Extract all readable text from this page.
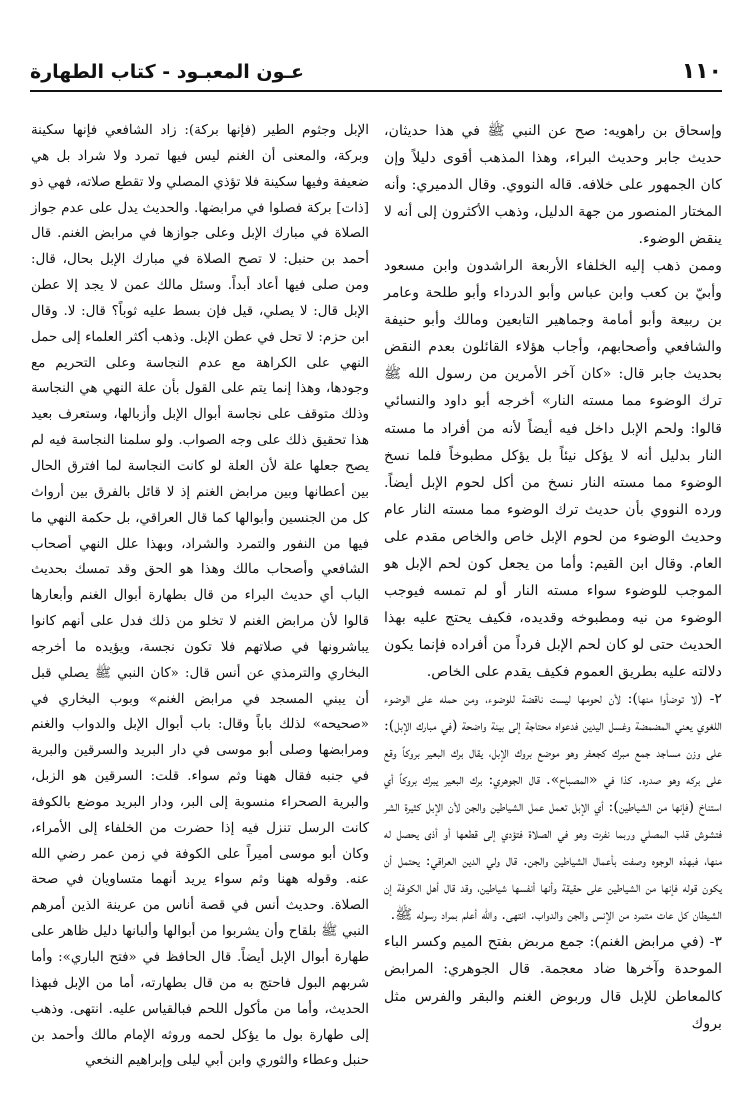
١١٠
عـون المعبـود - كتاب الطهارة

وإسحاق بن راهويه: صح عن النبي ﷺ في هذا حديثان، حديث جابر وحديث البراء، وهذا المذهب أقوى دليلاً وإن كان الجمهور على خلافه. قاله النووي. وقال الدميري: وأنه المختار المنصور من جهة الدليل، وذهب الأكثرون إلى أنه لا ينقض الوضوء.

وممن ذهب إليه الخلفاء الأربعة الراشدون وابن مسعود وأبيّ بن كعب وابن عباس وأبو الدرداء وأبو طلحة وعامر بن ربيعة وأبو أمامة وجماهير التابعين ومالك وأبو حنيفة والشافعي وأصحابهم، وأجاب هؤلاء القائلون بعدم النقض بحديث جابر قال: «كان آخر الأمرين من رسول الله ﷺ ترك الوضوء مما مسته النار» أخرجه أبو داود والنسائي قالوا: ولحم الإبل داخل فيه أيضاً لأنه من أفراد ما مسته النار بدليل أنه لا يؤكل نيئاً بل يؤكل مطبوخاً فلما نسخ الوضوء مما مسته النار نسخ من أكل لحوم الإبل أيضاً. ورده النووي بأن حديث ترك الوضوء مما مسته النار عام وحديث الوضوء من لحوم الإبل خاص والخاص مقدم على العام. وقال ابن القيم: وأما من يجعل كون لحم الإبل هو الموجب للوضوء سواء مسته النار أو لم تمسه فيوجب الوضوء من نيه ومطبوخه وقديده، فكيف يحتج عليه بهذا الحديث حتى لو كان لحم الإبل فرداً من أفراده فإنما يكون دلالته عليه بطريق العموم فكيف يقدم على الخاص.

٢- (لا توضأوا منها): لأن لحومها ليست ناقضة للوضوء، ومن حمله على الوضوء اللغوي يعني المضمضة وغسل اليدين فدعواه محتاجة إلى بينة واضحة (في مبارك الإبل): على وزن مساجد جمع مبرك كجعفر وهو موضع بروك الإبل، يقال برك البعير بروكاً وقع على بركه وهو صدره. كذا في «المصباح». قال الجوهري: برك البعير يبرك بروكاً أي استناخ (فإنها من الشياطين): أي الإبل تعمل عمل الشياطين والجن لأن الإبل كثيرة الشر فتشوش قلب المصلي وربما نفرت وهو في الصلاة فتؤدي إلى قطعها أو أذى يحصل له منها، فبهذه الوجوه وصفت بأعمال الشياطين والجن. قال ولي الدين العراقي: يحتمل أن يكون قوله فإنها من الشياطين على حقيقة وأنها أنفسها شياطين، وقد قال أهل الكوفة إن الشيطان كل عات متمرد من الإنس والجن والدواب. انتهى. والله أعلم بمراد رسوله ﷺ.

٣- (في مرابض الغنم): جمع مربض بفتح الميم وكسر الباء الموحدة وآخرها ضاد معجمة. قال الجوهري: المرابض كالمعاطن للإبل قال وربوض الغنم والبقر والفرس مثل بروك

الإبل وجثوم الطير (فإنها بركة): زاد الشافعي فإنها سكينة وبركة، والمعنى أن الغنم ليس فيها تمرد ولا شراد بل هي ضعيفة وفيها سكينة فلا تؤذي المصلي ولا تقطع صلاته، فهي ذو [ذات] بركة فصلوا في مرابضها. والحديث يدل على عدم جواز الصلاة في مبارك الإبل وعلى جوازها في مرابض الغنم. قال أحمد بن حنبل: لا تصح الصلاة في مبارك الإبل بحال، قال: ومن صلى فيها أعاد أبداً. وسئل مالك عمن لا يجد إلا عطن الإبل قال: لا يصلي، قيل فإن بسط عليه ثوباً؟ قال: لا. وقال ابن حزم: لا تحل في عطن الإبل. وذهب أكثر العلماء إلى حمل النهي على الكراهة مع عدم النجاسة وعلى التحريم مع وجودها، وهذا إنما يتم على القول بأن علة النهي هي النجاسة وذلك متوقف على نجاسة أبوال الإبل وأزبالها، وستعرف بعيد هذا تحقيق ذلك على وجه الصواب. ولو سلمنا النجاسة فيه لم يصح جعلها علة لأن العلة لو كانت النجاسة لما افترق الحال بين أعطانها وبين مرابض الغنم إذ لا قائل بالفرق بين أرواث كل من الجنسين وأبوالها كما قال العراقي، بل حكمة النهي ما فيها من النفور والتمرد والشراد، وبهذا علل النهي أصحاب الشافعي وأصحاب مالك وهذا هو الحق وقد تمسك بحديث الباب أي حديث البراء من قال بطهارة أبوال الغنم وأبعارها قالوا لأن مرابض الغنم لا تخلو من ذلك فدل على أنهم كانوا يباشرونها في صلاتهم فلا تكون نجسة، ويؤيده ما أخرجه البخاري والترمذي عن أنس قال: «كان النبي ﷺ يصلي قبل أن يبني المسجد في مرابض الغنم» وبوب البخاري في «صحيحه» لذلك باباً وقال: باب أبوال الإبل والدواب والغنم ومرابضها وصلى أبو موسى في دار البريد والسرقين والبرية في جنبه فقال ههنا وثم سواء. قلت: السرقين هو الزبل، والبرية الصحراء منسوبة إلى البر، ودار البريد موضع بالكوفة كانت الرسل تنزل فيه إذا حضرت من الخلفاء إلى الأمراء، وكان أبو موسى أميراً على الكوفة في زمن عمر رضي الله عنه. وقوله ههنا وثم سواء يريد أنهما متساويان في صحة الصلاة. وحديث أنس في قصة أناس من عرينة الذين أمرهم النبي ﷺ بلقاح وأن يشربوا من أبوالها وألبانها دليل ظاهر على طهارة أبوال الإبل أيضاً. قال الحافظ في «فتح الباري»: وأما شربهم البول فاحتج به من قال بطهارته، أما من الإبل فبهذا الحديث، وأما من مأكول اللحم فبالقياس عليه. انتهى. وذهب إلى طهارة بول ما يؤكل لحمه وروثه الإمام مالك وأحمد بن حنبل وعطاء والثوري وابن أبي ليلى وإبراهيم النخعي
